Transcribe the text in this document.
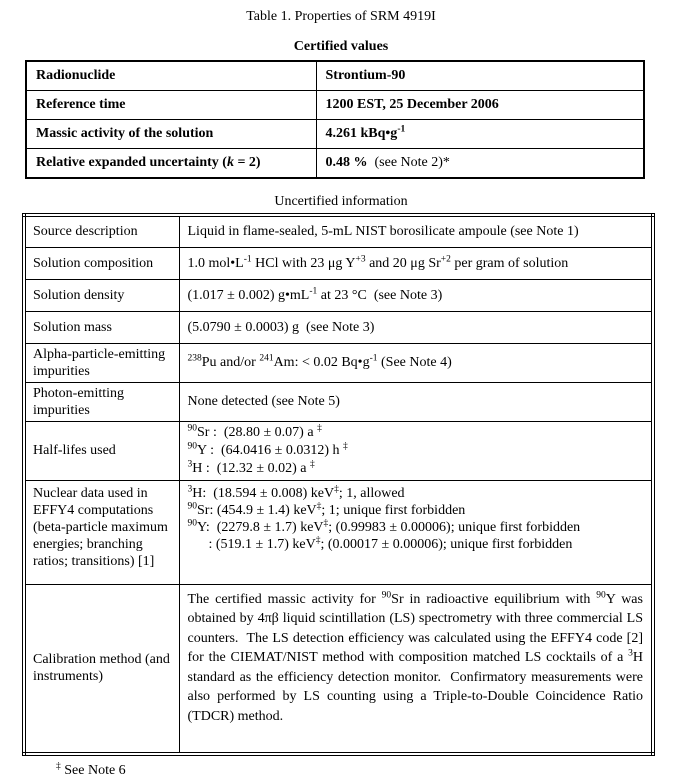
Table 1. Properties of SRM 4919I
Certified values
Radionuclide	Strontium-90
Reference time	1200 EST, 25 December 2006
Massic activity of the solution	4.261 $kBq•g^{-1}$
Relative expanded uncertainty (k = 2)	0.48 %  (see Note 2)*
Uncertified information
Source description	Liquid in flame-sealed, 5-mL NIST borosilicate ampoule (see Note 1)
Solution composition	1.0 $mol•L^{-1}$ HCl with 23 μg $Y^{+3}$ and 20 μg $Sr^{+2}$ per gram of solution
Solution density	(1.017 ± 0.002) $g•mL^{-1}$ at 23 °C  (see Note 3)
Solution mass	(5.0790 ± 0.0003) g  (see Note 3)
Alpha-particle-emitting impurities	$^{238}$Pu and/or $^{241}$Am: < 0.02 $Bq•g^{-1}$ (See Note 4)
Photon-emitting impurities	None detected (see Note 5)
Half-lifes used	$^{90}$Sr :  (28.80 ± 0.07) a ‡
$^{90}$Y :  (64.0416 ± 0.0312) h ‡
$^3$H :  (12.32 ± 0.02) a ‡

Nuclear data used in EFFY4 computations (beta-particle maximum energies; branching ratios; transitions) [1]	$^3$H:  (18.594 ± 0.008) keV‡; 1, allowed
$^{90}$Sr: (454.9 ± 1.4) keV‡; 1; unique first forbidden
$^{90}$Y:  (2279.8 ± 1.7) keV‡; (0.99983 ± 0.00006); unique first forbidden
: (519.1 ± 1.7) keV‡; (0.00017 ± 0.00006); unique first forbidden

Calibration method (and instruments)	The certified massic activity for $^{90}$Sr in radioactive equilibrium with $^{90}$Y was obtained by 4πβ liquid scintillation (LS) spectrometry with three commercial LS counters.  The LS detection efficiency was calculated using the EFFY4 code [2] for the CIEMAT/NIST method with composition matched LS cocktails of a $^3$H standard as the efficiency detection monitor.  Confirmatory measurements were also performed by LS counting using a Triple-to-Double Coincidence Ratio (TDCR) method.
‡ See Note 6
